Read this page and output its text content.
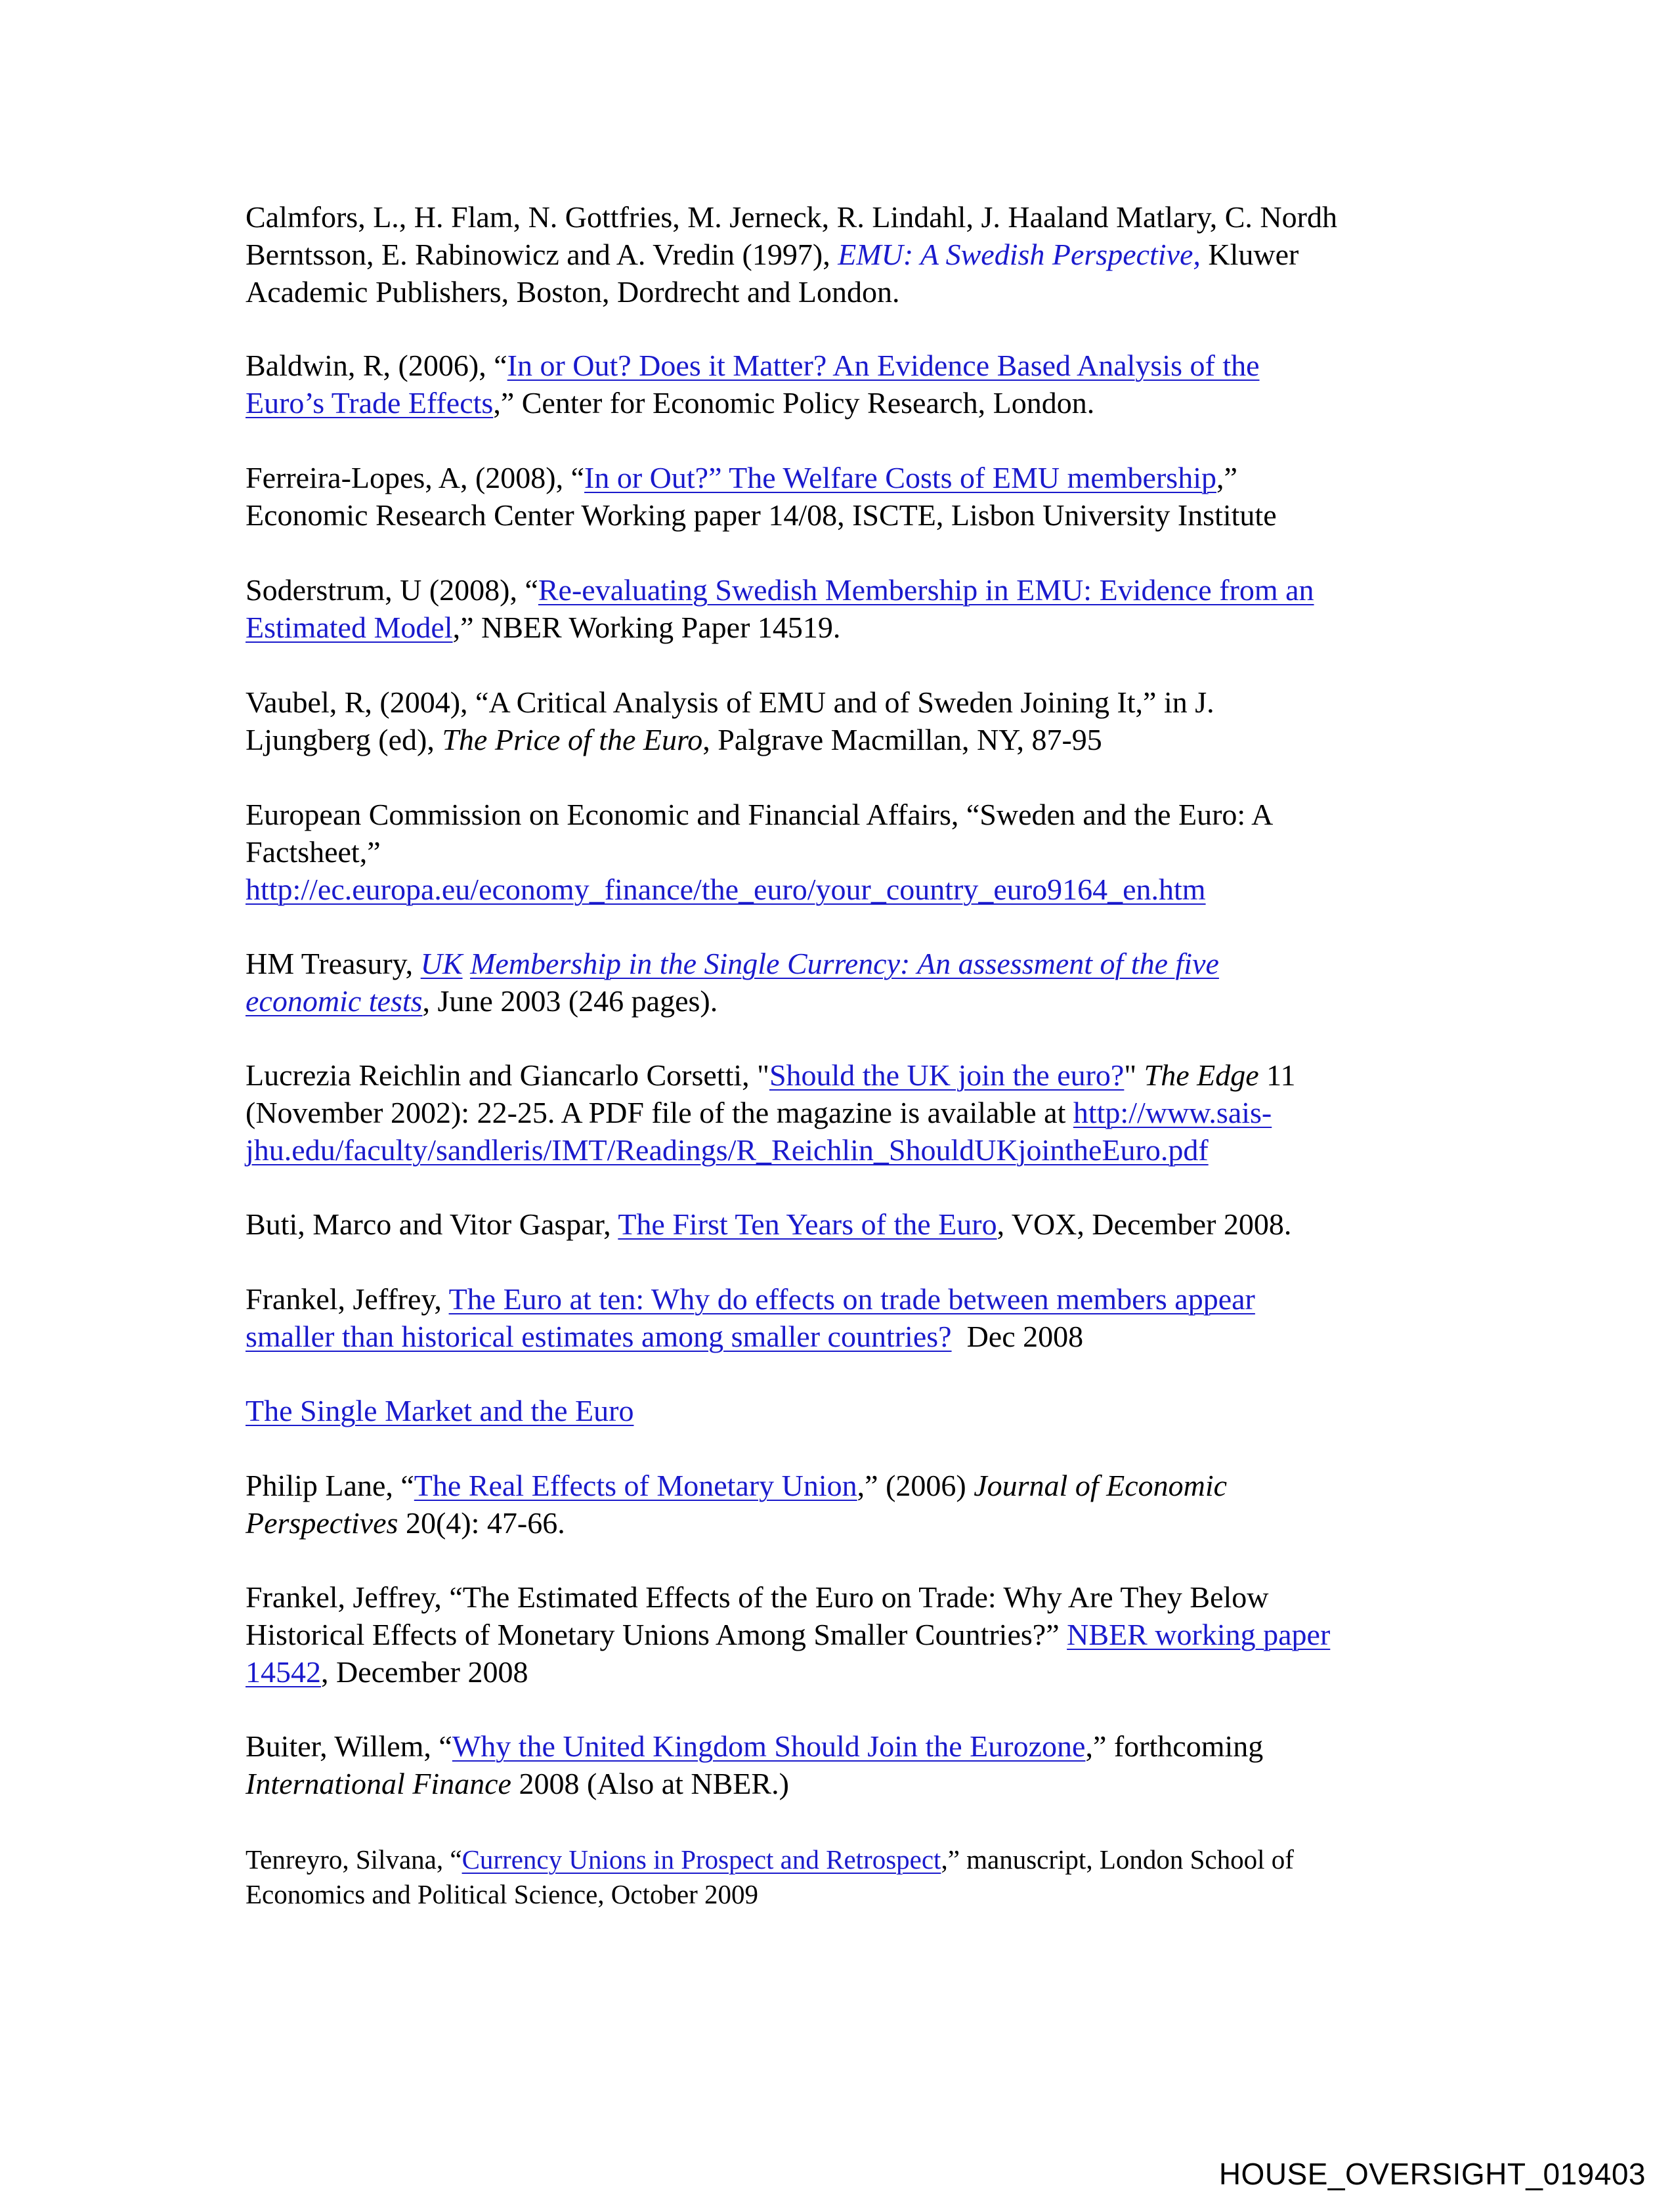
Calmfors, L., H. Flam, N. Gottfries, M. Jerneck, R. Lindahl, J. Haaland Matlary, C. Nordh
Berntsson, E. Rabinowicz and A. Vredin (1997), EMU: A Swedish Perspective, Kluwer
Academic Publishers, Boston, Dordrecht and London.
Baldwin, R, (2006), “In or Out? Does it Matter? An Evidence Based Analysis of the
Euro’s Trade Effects,” Center for Economic Policy Research, London.
Ferreira-Lopes, A, (2008), “In or Out?” The Welfare Costs of EMU membership,”
Economic Research Center Working paper 14/08, ISCTE, Lisbon University Institute
Soderstrum, U (2008), “Re-evaluating Swedish Membership in EMU: Evidence from an
Estimated Model,” NBER Working Paper 14519.
Vaubel, R, (2004), “A Critical Analysis of EMU and of Sweden Joining It,” in J.
Ljungberg (ed), The Price of the Euro, Palgrave Macmillan, NY, 87-95
European Commission on Economic and Financial Affairs, “Sweden and the Euro: A
Factsheet,”
http://ec.europa.eu/economy_finance/the_euro/your_country_euro9164_en.htm
HM Treasury, UK Membership in the Single Currency: An assessment of the five
economic tests, June 2003 (246 pages).
Lucrezia Reichlin and Giancarlo Corsetti, "Should the UK join the euro?" The Edge 11
(November 2002): 22-25. A PDF file of the magazine is available at http://www.sais-
jhu.edu/faculty/sandleris/IMT/Readings/R_Reichlin_ShouldUKjointheEuro.pdf
Buti, Marco and Vitor Gaspar, The First Ten Years of the Euro, VOX, December 2008.
Frankel, Jeffrey, The Euro at ten: Why do effects on trade between members appear
smaller than historical estimates among smaller countries?  Dec 2008
The Single Market and the Euro
Philip Lane, “The Real Effects of Monetary Union,” (2006) Journal of Economic
Perspectives 20(4): 47-66.
Frankel, Jeffrey, “The Estimated Effects of the Euro on Trade: Why Are They Below
Historical Effects of Monetary Unions Among Smaller Countries?” NBER working paper
14542, December 2008
Buiter, Willem, “Why the United Kingdom Should Join the Eurozone,” forthcoming
International Finance 2008 (Also at NBER.)
Tenreyro, Silvana, “Currency Unions in Prospect and Retrospect,” manuscript, London School of
Economics and Political Science, October 2009
HOUSE_OVERSIGHT_019403
